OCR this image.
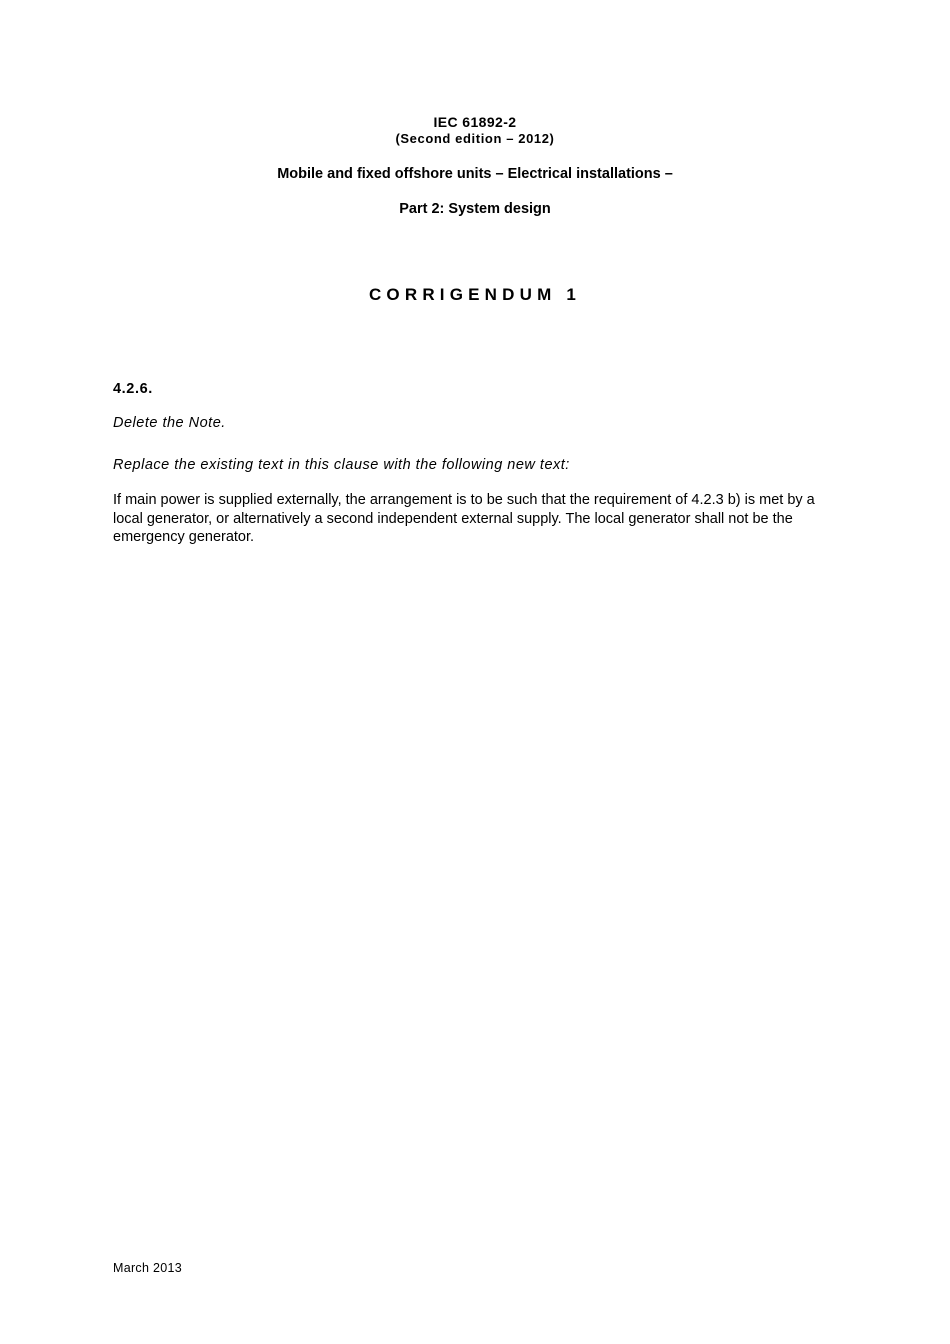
IEC 61892-2

(Second edition – 2012)

Mobile and fixed offshore units – Electrical installations –

Part 2: System design

CORRIGENDUM 1

4.2.6.

Delete the Note.

Replace the existing text in this clause with the following new text:

If main power is supplied externally, the arrangement is to be such that the requirement of 4.2.3 b) is met by a local generator, or alternatively a second independent external supply. The local generator shall not be the emergency generator.

March 2013
